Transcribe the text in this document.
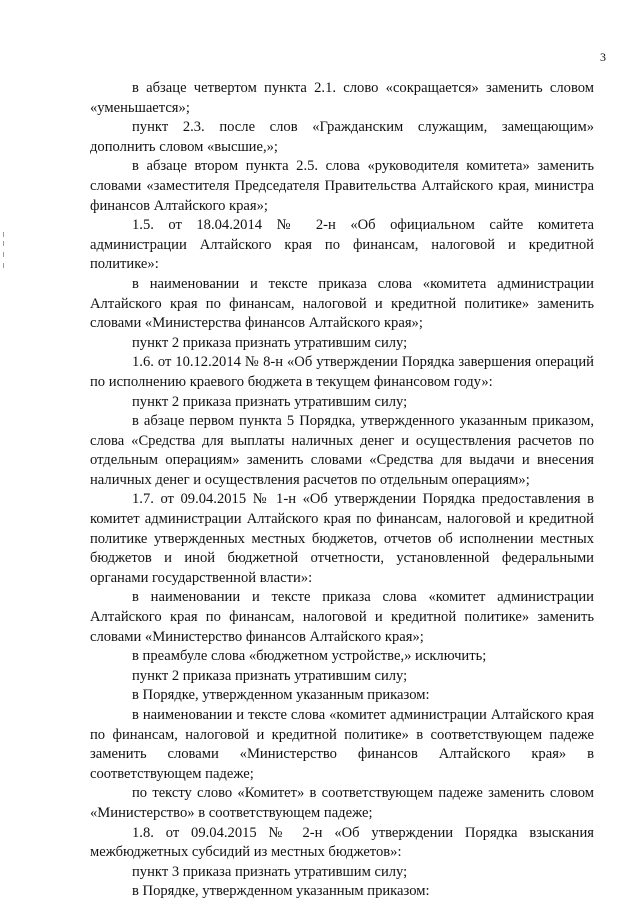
3

в абзаце четвертом пункта 2.1. слово «сокращается» заменить словом «уменьшается»;

пункт 2.3. после слов «Гражданским служащим, замещающим» дополнить словом «высшие,»;

в абзаце втором пункта 2.5. слова «руководителя комитета» заменить словами «заместителя Председателя Правительства Алтайского края, министра финансов Алтайского края»;

1.5. от 18.04.2014 № 2-н «Об официальном сайте комитета администрации Алтайского края по финансам, налоговой и кредитной политике»:

в наименовании и тексте приказа слова «комитета администрации Алтайского края по финансам, налоговой и кредитной политике» заменить словами «Министерства финансов Алтайского края»;

пункт 2 приказа признать утратившим силу;

1.6. от 10.12.2014 № 8-н «Об утверждении Порядка завершения операций по исполнению краевого бюджета в текущем финансовом году»:

пункт 2 приказа признать утратившим силу;

в абзаце первом пункта 5 Порядка, утвержденного указанным приказом, слова «Средства для выплаты наличных денег и осуществления расчетов по отдельным операциям» заменить словами «Средства для выдачи и внесения наличных денег и осуществления расчетов по отдельным операциям»;

1.7. от 09.04.2015 № 1-н «Об утверждении Порядка предоставления в комитет администрации Алтайского края по финансам, налоговой и кредитной политике утвержденных местных бюджетов, отчетов об исполнении местных бюджетов и иной бюджетной отчетности, установленной федеральными органами государственной власти»:

в наименовании и тексте приказа слова «комитет администрации Алтайского края по финансам, налоговой и кредитной политике» заменить словами «Министерство финансов Алтайского края»;

в преамбуле слова «бюджетном устройстве,» исключить;

пункт 2 приказа признать утратившим силу;

в Порядке, утвержденном указанным приказом:

в наименовании и тексте слова «комитет администрации Алтайского края по финансам, налоговой и кредитной политике» в соответствующем падеже заменить словами «Министерство финансов Алтайского края» в соответствующем падеже;

по тексту слово «Комитет» в соответствующем падеже заменить словом «Министерство» в соответствующем падеже;

1.8. от 09.04.2015 № 2-н «Об утверждении Порядка взыскания межбюджетных субсидий из местных бюджетов»:

пункт 3 приказа признать утратившим силу;

в Порядке, утвержденном указанным приказом:
